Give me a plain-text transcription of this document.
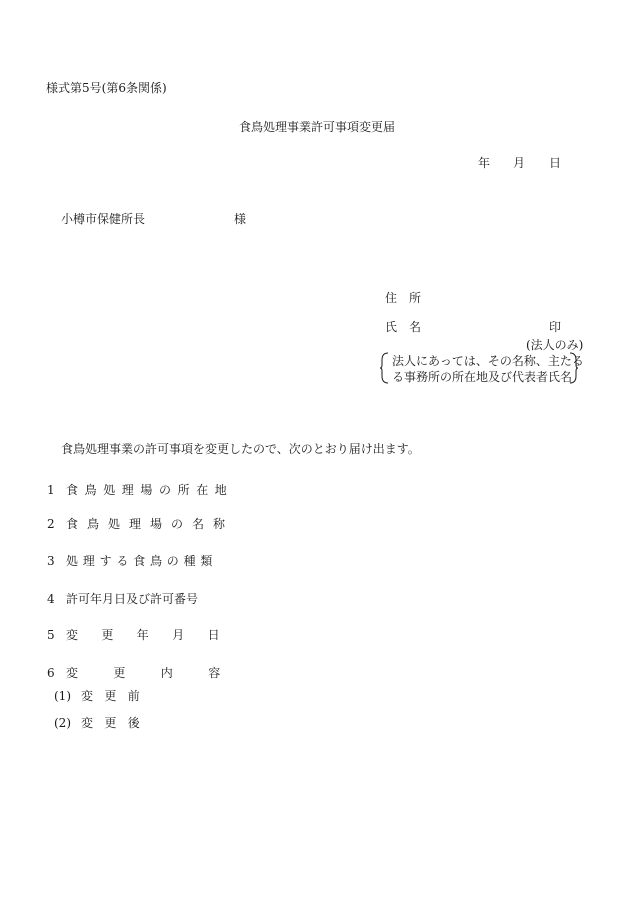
様式第5号(第6条関係)
食鳥処理事業許可事項変更届
年 月 日
小樽市保健所長	様
住　所
氏　名	印
(法人のみ)
法人にあっては、その名称、主たる
る事務所の所在地及び代表者氏名
食鳥処理事業の許可事項を変更したので、次のとおり届け出ます。
1 食鳥処理場の所在地
2 食鳥処理場の名称
3 処理する食鳥の種類
4 許可年月日及び許可番号
5 変更年月日
6 変更内容
(1) 変更前
(2) 変更後
